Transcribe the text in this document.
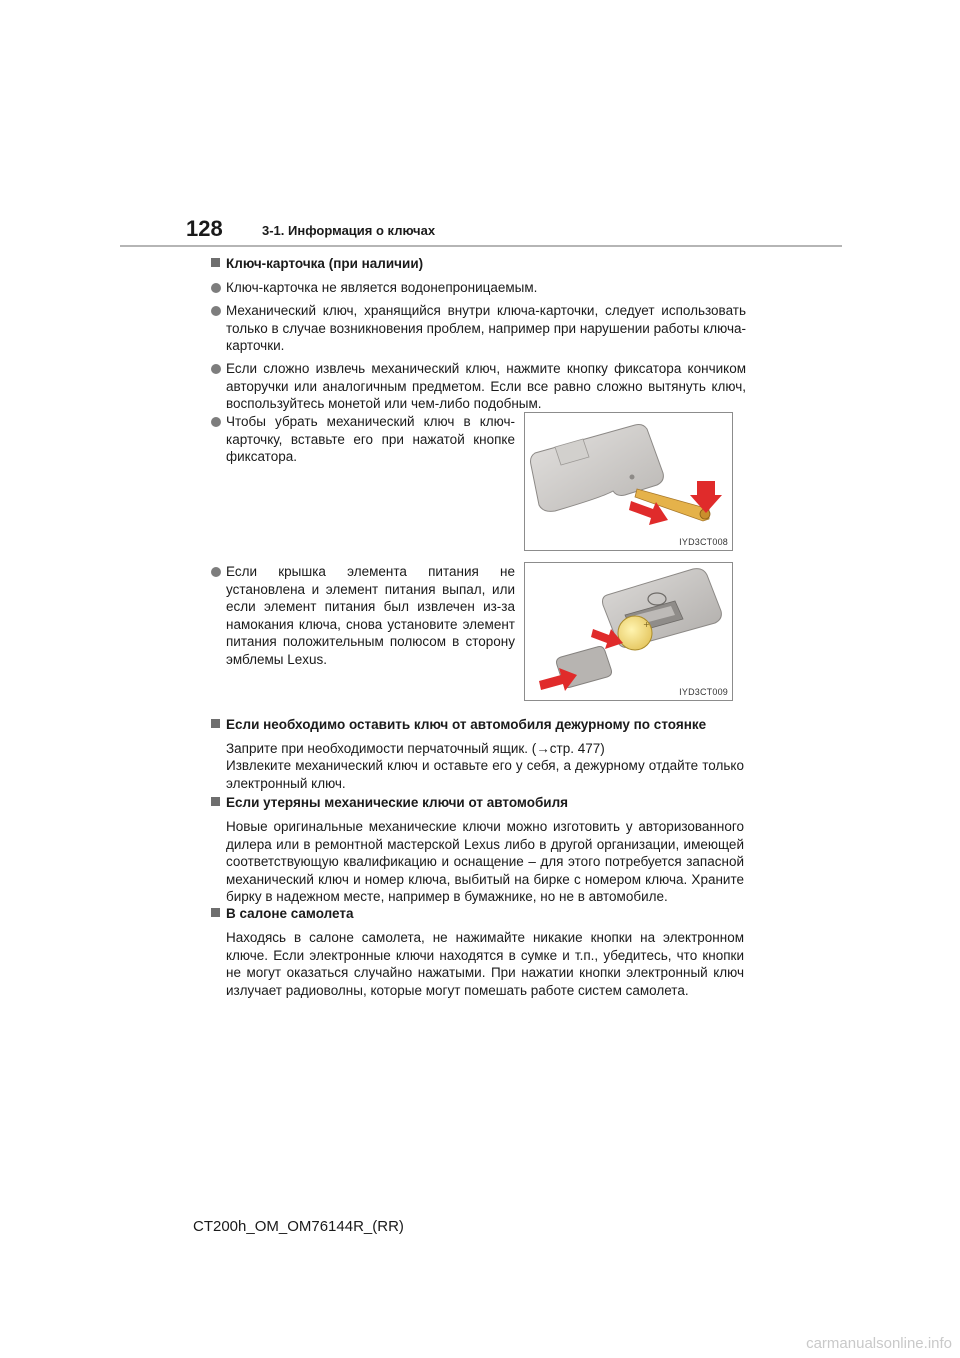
128	3-1. Информация о ключах
Ключ-карточка (при наличии)
Ключ-карточка не является водонепроницаемым.
Механический ключ, хранящийся внутри ключа-карточки, следует использовать только в случае возникновения проблем, например при нарушении работы ключа-карточки.
Если сложно извлечь механический ключ, нажмите кнопку фиксатора кончиком авторучки или аналогичным предметом. Если все равно сложно вытянуть ключ, воспользуйтесь монетой или чем-либо подобным.
Чтобы убрать механический ключ в ключ-карточку, вставьте его при нажатой кнопке фиксатора.
Если крышка элемента питания не установлена и элемент питания выпал, или если элемент питания был извлечен из-за намокания ключа, снова установите элемент питания положительным полюсом в сторону эмблемы Lexus.
IYD3CT008
+
IYD3CT009
Если необходимо оставить ключ от автомобиля дежурному по стоянке
Заприте при необходимости перчаточный ящик. (→стр. 477)
Извлеките механический ключ и оставьте его у себя, а дежурному отдайте только электронный ключ.
Если утеряны механические ключи от автомобиля
Новые оригинальные механические ключи можно изготовить у авторизованного дилера или в ремонтной мастерской Lexus либо в другой организации, имеющей соответствующую квалификацию и оснащение – для этого потребуется запасной механический ключ и номер ключа, выбитый на бирке с номером ключа. Храните бирку в надежном месте, например в бумажнике, но не в автомобиле.
В салоне самолета
Находясь в салоне самолета, не нажимайте никакие кнопки на электронном ключе. Если электронные ключи находятся в сумке и т.п., убедитесь, что кнопки не могут оказаться случайно нажатыми. При нажатии кнопки электронный ключ излучает радиоволны, которые могут помешать работе систем самолета.
CT200h_OM_OM76144R_(RR)
carmanualsonline.info
